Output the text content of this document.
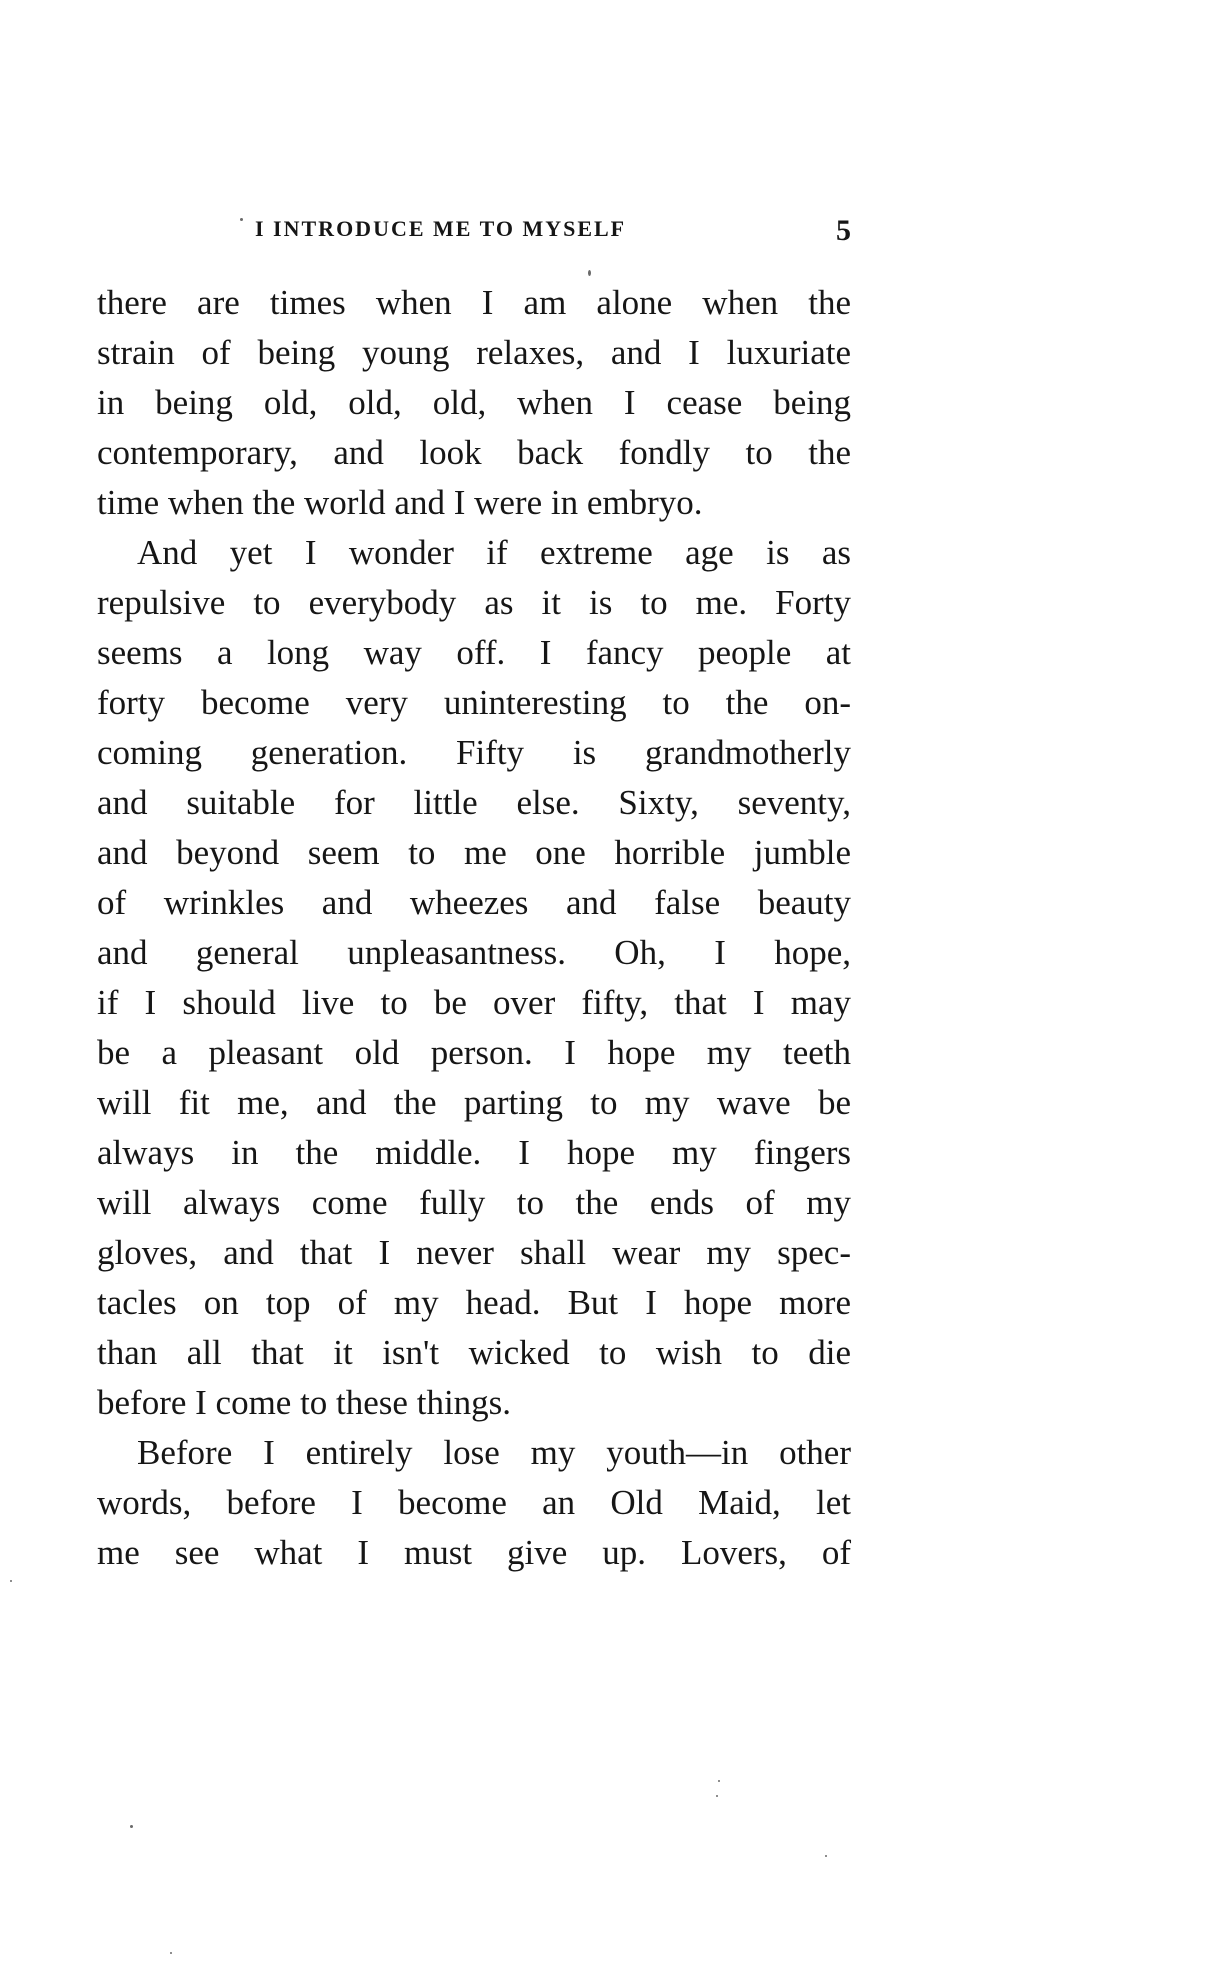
I INTRODUCE ME TO MYSELF	5
there are times when I am alone when the
strain of being young relaxes, and I luxuriate
in being old, old, old, when I cease being
contemporary, and look back fondly to the
time when the world and I were in embryo.
And yet I wonder if extreme age is as
repulsive to everybody as it is to me. Forty
seems a long way off. I fancy people at
forty become very uninteresting to the on-
coming generation. Fifty is grandmotherly
and suitable for little else. Sixty, seventy,
and beyond seem to me one horrible jumble
of wrinkles and wheezes and false beauty
and general unpleasantness. Oh, I hope,
if I should live to be over fifty, that I may
be a pleasant old person. I hope my teeth
will fit me, and the parting to my wave be
always in the middle. I hope my fingers
will always come fully to the ends of my
gloves, and that I never shall wear my spec-
tacles on top of my head. But I hope more
than all that it isn't wicked to wish to die
before I come to these things.
Before I entirely lose my youth—in other
words, before I become an Old Maid, let
me see what I must give up. Lovers, of
